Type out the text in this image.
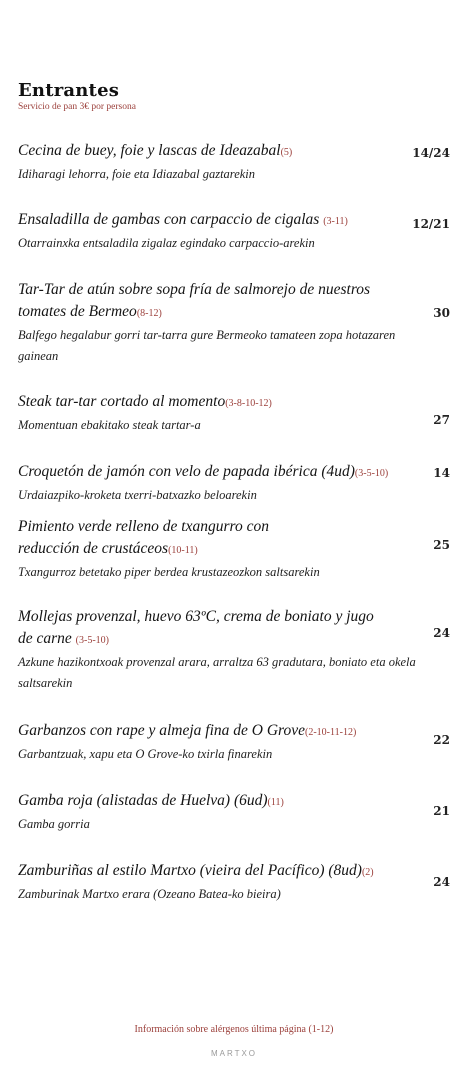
Entrantes
Servicio de pan 3€ por persona
Cecina de buey, foie y lascas de Ideazabal(5)
Idiharagi lehorra, foie eta Idiazabal gaztarekin
14/24
Ensaladilla de gambas con carpaccio de cigalas (3-11)
Otarrainxka entsaladila zigalaz egindako carpaccio-arekin
12/21
Tar-Tar de atún sobre sopa fría de salmorejo de nuestros tomates de Bermeo(8-12)
Balfego hegalabur gorri tar-tarra gure Bermeoko tamateen zopa hotazaren gainean
30
Steak tar-tar cortado al momento(3-8-10-12)
Momentuan ebakitako steak tartar-a	27
Croquetón de jamón con velo de papada ibérica (4ud)(3-5-10)
Urdaiazpiko-kroketa txerri-batxazko beloarekin
14
Pimiento verde relleno de txangurro con reducción de crustáceos(10-11)
Txangurroz betetako piper berdea krustazeozkon saltsarekin
25
Mollejas provenzal, huevo 63ºC, crema de boniato y jugo de carne (3-5-10)
Azkune hazikontxoak provenzal arara, arraltza 63 gradutara, boniato eta okela saltsarekin
24
Garbanzos con rape y almeja fina de O Grove(2-10-11-12)
Garbantzuak, xapu eta O Grove-ko txirla finarekin
22
Gamba roja (alistadas de Huelva) (6ud)(11)
Gamba gorria
21
Zamburiñas al estilo Martxo (vieira del Pacífico) (8ud)(2)
Zamburinak Martxo erara (Ozeano Batea-ko bieira)
24
Información sobre alérgenos última página (1-12)
MARTXO
